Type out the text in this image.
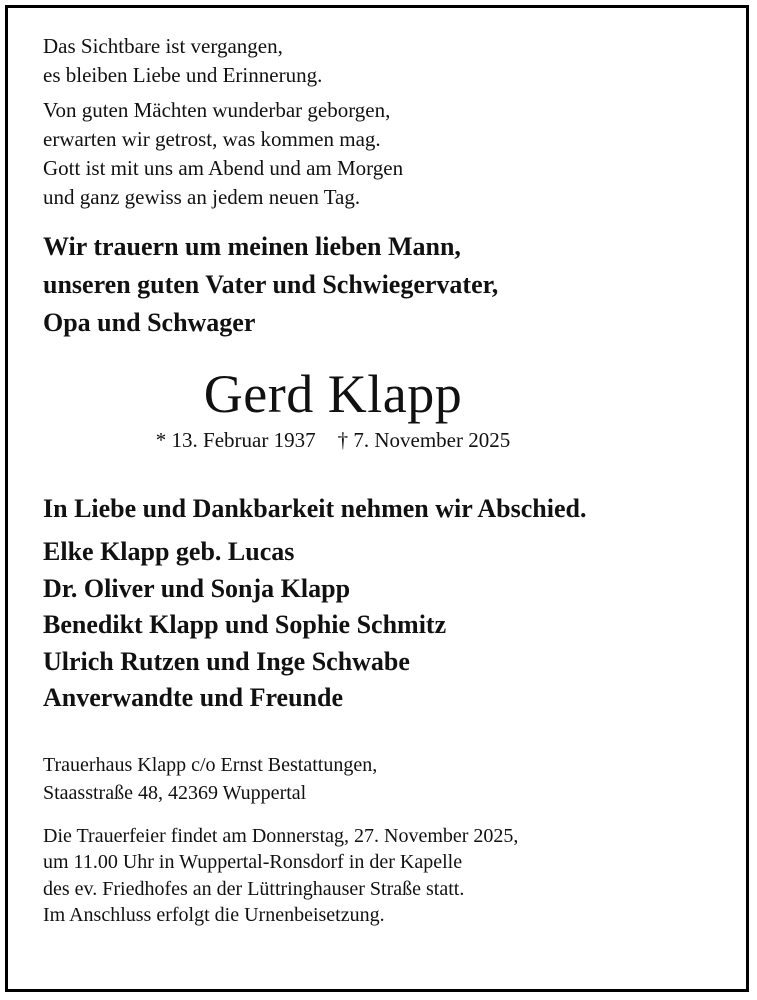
Das Sichtbare ist vergangen,
es bleiben Liebe und Erinnerung.
Von guten Mächten wunderbar geborgen,
erwarten wir getrost, was kommen mag.
Gott ist mit uns am Abend und am Morgen
und ganz gewiss an jedem neuen Tag.
Wir trauern um meinen lieben Mann,
unseren guten Vater und Schwiegervater,
Opa und Schwager
Gerd Klapp
* 13. Februar 1937 † 7. November 2025
In Liebe und Dankbarkeit nehmen wir Abschied.
Elke Klapp geb. Lucas
Dr. Oliver und Sonja Klapp
Benedikt Klapp und Sophie Schmitz
Ulrich Rutzen und Inge Schwabe
Anverwandte und Freunde
Trauerhaus Klapp c/o Ernst Bestattungen,
Staasstraße 48, 42369 Wuppertal
Die Trauerfeier findet am Donnerstag, 27. November 2025,
um 11.00 Uhr in Wuppertal-Ronsdorf in der Kapelle
des ev. Friedhofes an der Lüttringhauser Straße statt.
Im Anschluss erfolgt die Urnenbeisetzung.
